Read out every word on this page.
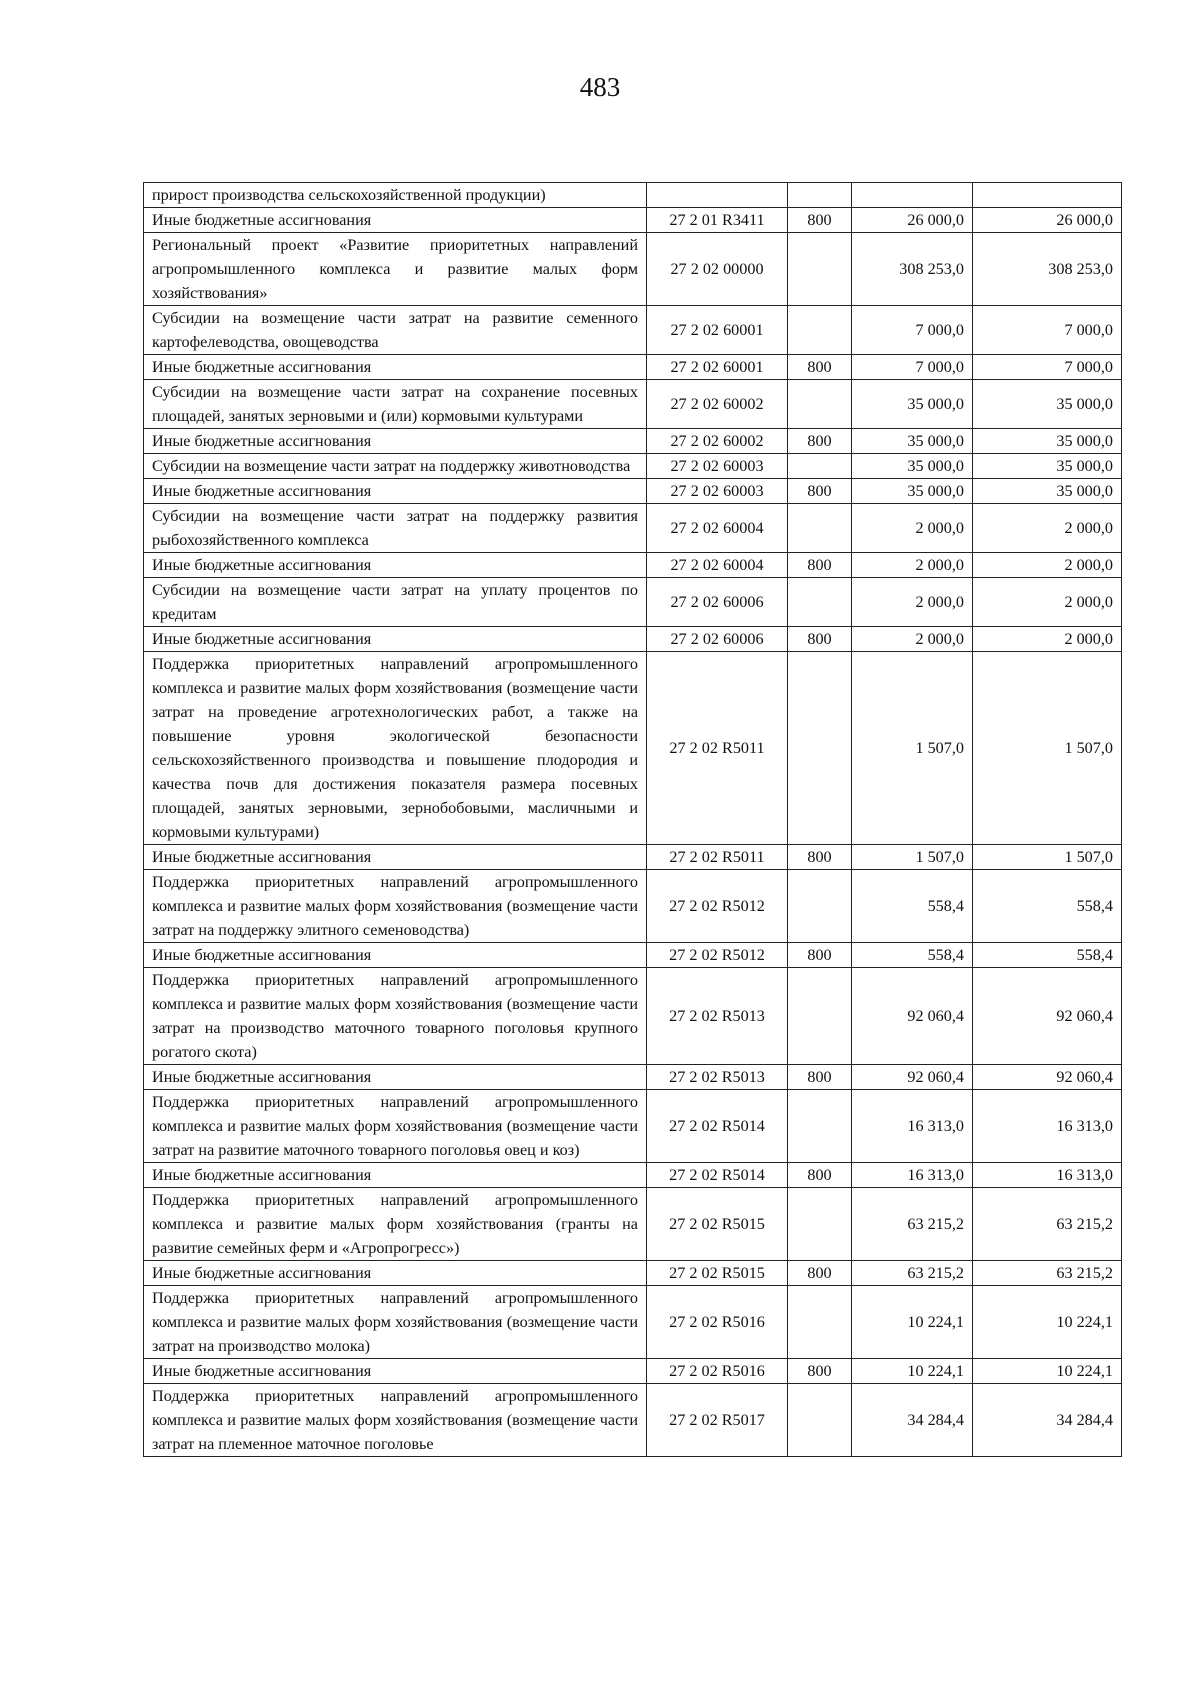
483
прирост производства сельскохозяйственной продукции)				
Иные бюджетные ассигнования	27 2 01 R3411	800	26 000,0	26 000,0
Региональный проект «Развитие приоритетных направлений агропромышленного комплекса и развитие малых форм хозяйствования»	27 2 02 00000		308 253,0	308 253,0
Субсидии на возмещение части затрат на развитие семенного картофелеводства, овощеводства	27 2 02 60001		7 000,0	7 000,0
Иные бюджетные ассигнования	27 2 02 60001	800	7 000,0	7 000,0
Субсидии на возмещение части затрат на сохранение посевных площадей, занятых зерновыми и (или) кормовыми культурами	27 2 02 60002		35 000,0	35 000,0
Иные бюджетные ассигнования	27 2 02 60002	800	35 000,0	35 000,0
Субсидии на возмещение части затрат на поддержку животноводства	27 2 02 60003		35 000,0	35 000,0
Иные бюджетные ассигнования	27 2 02 60003	800	35 000,0	35 000,0
Субсидии на возмещение части затрат на поддержку развития рыбохозяйственного комплекса	27 2 02 60004		2 000,0	2 000,0
Иные бюджетные ассигнования	27 2 02 60004	800	2 000,0	2 000,0
Субсидии на возмещение части затрат на уплату процентов по кредитам	27 2 02 60006		2 000,0	2 000,0
Иные бюджетные ассигнования	27 2 02 60006	800	2 000,0	2 000,0
Поддержка приоритетных направлений агропромышленного комплекса и развитие малых форм хозяйствования (возмещение части затрат на проведение агротехнологических работ, а также на повышение уровня экологической безопасности сельскохозяйственного производства и повышение плодородия и качества почв для достижения показателя размера посевных площадей, занятых зерновыми, зернобобовыми, масличными и кормовыми культурами)	27 2 02 R5011		1 507,0	1 507,0
Иные бюджетные ассигнования	27 2 02 R5011	800	1 507,0	1 507,0
Поддержка приоритетных направлений агропромышленного комплекса и развитие малых форм хозяйствования (возмещение части затрат на поддержку элитного семеноводства)	27 2 02 R5012		558,4	558,4
Иные бюджетные ассигнования	27 2 02 R5012	800	558,4	558,4
Поддержка приоритетных направлений агропромышленного комплекса и развитие малых форм хозяйствования (возмещение части затрат на производство маточного товарного поголовья крупного рогатого скота)	27 2 02 R5013		92 060,4	92 060,4
Иные бюджетные ассигнования	27 2 02 R5013	800	92 060,4	92 060,4
Поддержка приоритетных направлений агропромышленного комплекса и развитие малых форм хозяйствования (возмещение части затрат на развитие маточного товарного поголовья овец и коз)	27 2 02 R5014		16 313,0	16 313,0
Иные бюджетные ассигнования	27 2 02 R5014	800	16 313,0	16 313,0
Поддержка приоритетных направлений агропромышленного комплекса и развитие малых форм хозяйствования (гранты на развитие семейных ферм и «Агропрогресс»)	27 2 02 R5015		63 215,2	63 215,2
Иные бюджетные ассигнования	27 2 02 R5015	800	63 215,2	63 215,2
Поддержка приоритетных направлений агропромышленного комплекса и развитие малых форм хозяйствования (возмещение части затрат на производство молока)	27 2 02 R5016		10 224,1	10 224,1
Иные бюджетные ассигнования	27 2 02 R5016	800	10 224,1	10 224,1
Поддержка приоритетных направлений агропромышленного комплекса и развитие малых форм хозяйствования (возмещение части затрат на племенное маточное поголовье	27 2 02 R5017		34 284,4	34 284,4
